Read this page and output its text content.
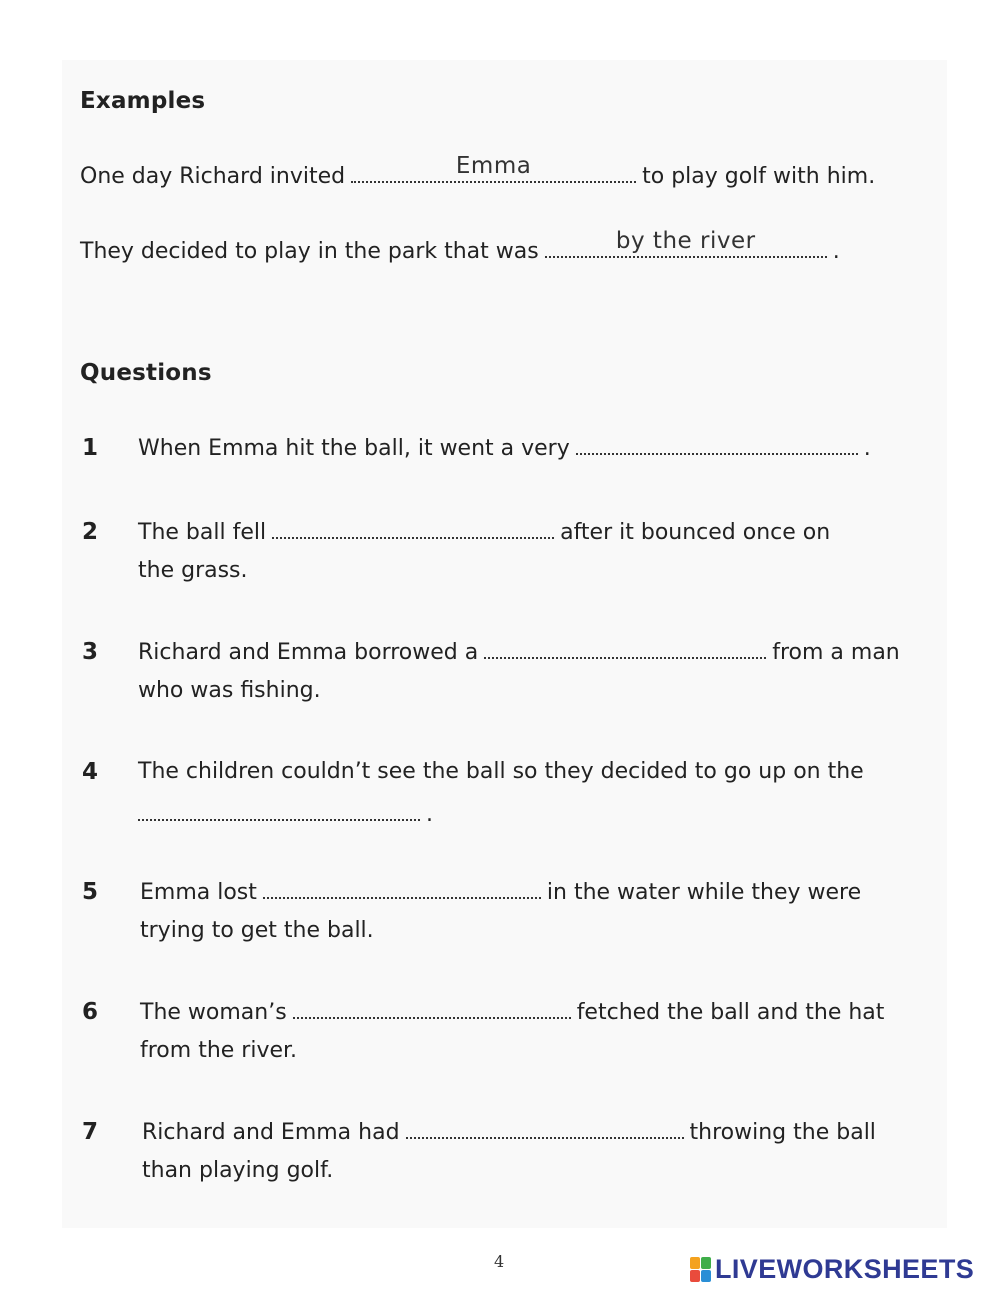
Examples
One day Richard invited	Emma	to play golf with him.
They decided to play in the park that was	by the river	.
Questions
1 When Emma hit the ball, it went a very	.
2 The ball fell	after it bounced once on
the grass.
3 Richard and Emma borrowed a	from a man
who was fishing.
4 The children couldn’t see the ball so they decided to go up on the
.
5 Emma lost	in the water while they were
trying to get the ball.
6 The woman’s	fetched the ball and the hat
from the river.
7 Richard and Emma had	throwing the ball
than playing golf.
4	LIVEWORKSHEETS
